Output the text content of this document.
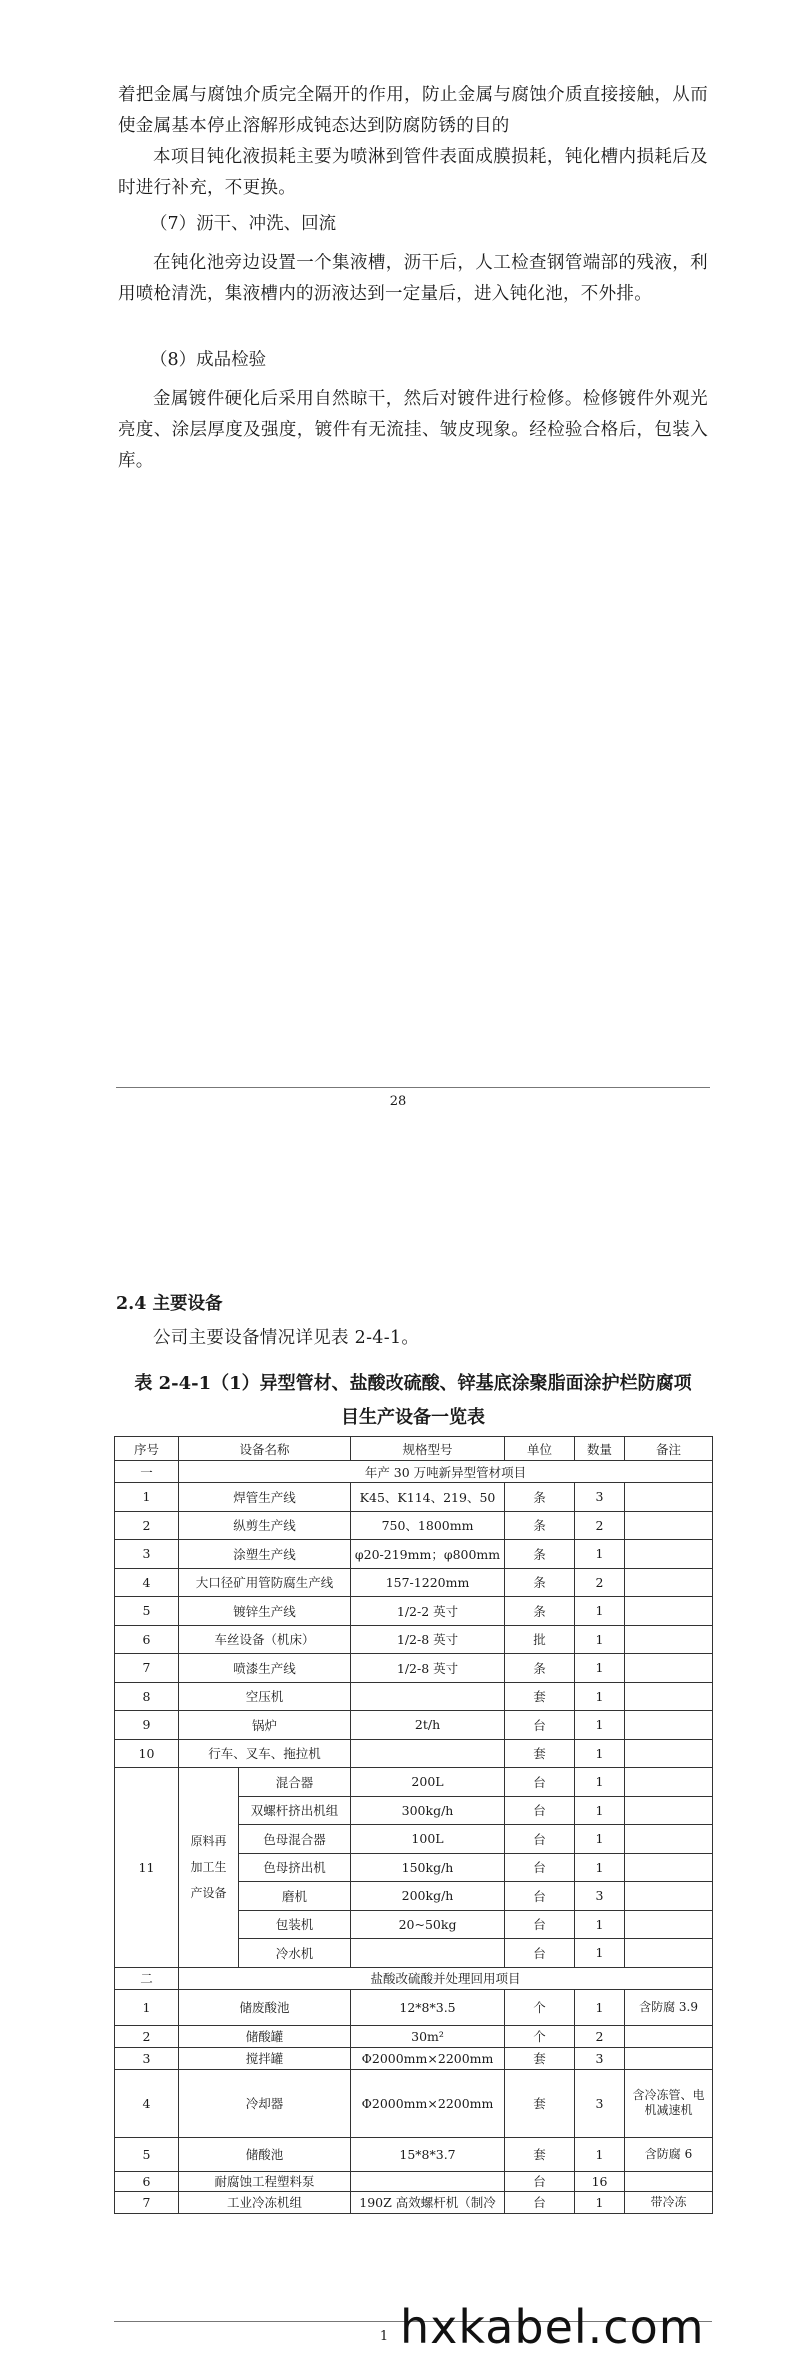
着把金属与腐蚀介质完全隔开的作用，防止金属与腐蚀介质直接接触，从而使金属基本停止溶解形成钝态达到防腐防锈的目的
本项目钝化液损耗主要为喷淋到管件表面成膜损耗，钝化槽内损耗后及时进行补充，不更换。
（7）沥干、冲洗、回流
在钝化池旁边设置一个集液槽，沥干后，人工检查钢管端部的残液，利用喷枪清洗，集液槽内的沥液达到一定量后，进入钝化池，不外排。
（8）成品检验
金属镀件硬化后采用自然晾干，然后对镀件进行检修。检修镀件外观光亮度、涂层厚度及强度，镀件有无流挂、皱皮现象。经检验合格后，包装入库。
28
2.4 主要设备
公司主要设备情况详见表 2-4-1。
表 2-4-1（1）异型管材、盐酸改硫酸、锌基底涂聚脂面涂护栏防腐项
目生产设备一览表
序号	设备名称		规格型号	单位	数量	备注
一	年产 30 万吨新异型管材项目					
1	焊管生产线		K45、K114、219、50	条	3	
2	纵剪生产线		750、1800mm	条	2	
3	涂塑生产线		φ20-219mm；φ800mm	条	1	
4	大口径矿用管防腐生产线		157-1220mm	条	2	
5	镀锌生产线		1/2-2 英寸	条	1	
6	车丝设备（机床）		1/2-8 英寸	批	1	
7	喷漆生产线		1/2-8 英寸	条	1	
8	空压机			套	1	
9	锅炉		2t/h	台	1	
10	行车、叉车、拖拉机			套	1	
11	原料再加工生产设备	混合器	200L	台	1	
		双螺杆挤出机组	300kg/h	台	1	
		色母混合器	100L	台	1	
		色母挤出机	150kg/h	台	1	
		磨机	200kg/h	台	3	
		包装机	20~50kg	台	1	
		冷水机		台	1	
二	盐酸改硫酸并处理回用项目					
1	储废酸池		12*8*3.5	个	1	含防腐 3.9
2	储酸罐		30m²	个	2	
3	搅拌罐		Φ2000mm×2200mm	套	3	
4	冷却器		Φ2000mm×2200mm	套	3	含冷冻管、电机减速机
5	储酸池		15*8*3.7	套	1	含防腐 6
6	耐腐蚀工程塑料泵			台	16	
7	工业冷冻机组		190Z 高效螺杆机（制冷	台	1	带冷冻
1 hxkabel.com
